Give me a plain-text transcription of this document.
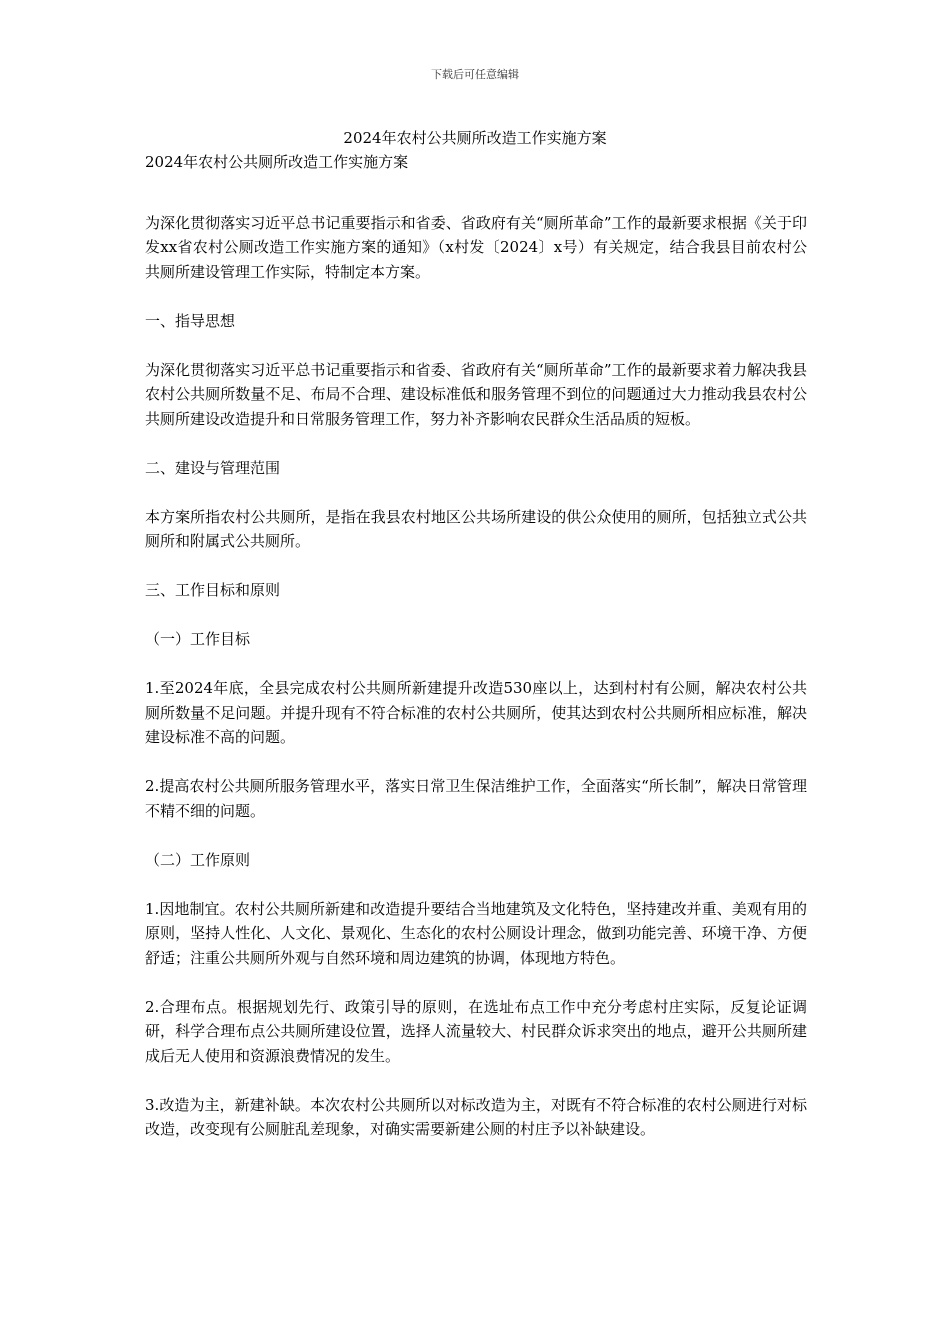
下载后可任意编辑
2024年农村公共厕所改造工作实施方案

2024年农村公共厕所改造工作实施方案

为深化贯彻落实习近平总书记重要指示和省委、省政府有关“厕所革命”工作的最新要求根据《关于印发xx省农村公厕改造工作实施方案的通知》（x村发〔2024〕x号）有关规定，结合我县目前农村公共厕所建设管理工作实际，特制定本方案。

一、指导思想

为深化贯彻落实习近平总书记重要指示和省委、省政府有关“厕所革命”工作的最新要求着力解决我县农村公共厕所数量不足、布局不合理、建设标准低和服务管理不到位的问题通过大力推动我县农村公共厕所建设改造提升和日常服务管理工作，努力补齐影响农民群众生活品质的短板。

二、建设与管理范围

本方案所指农村公共厕所，是指在我县农村地区公共场所建设的供公众使用的厕所，包括独立式公共厕所和附属式公共厕所。

三、工作目标和原则

（一）工作目标

1.至2024年底，全县完成农村公共厕所新建提升改造530座以上，达到村村有公厕，解决农村公共厕所数量不足问题。并提升现有不符合标准的农村公共厕所，使其达到农村公共厕所相应标准，解决建设标准不高的问题。

2.提高农村公共厕所服务管理水平，落实日常卫生保洁维护工作，全面落实“所长制”，解决日常管理不精不细的问题。

（二）工作原则

1.因地制宜。农村公共厕所新建和改造提升要结合当地建筑及文化特色，坚持建改并重、美观有用的原则，坚持人性化、人文化、景观化、生态化的农村公厕设计理念，做到功能完善、环境干净、方便舒适；注重公共厕所外观与自然环境和周边建筑的协调，体现地方特色。

2.合理布点。根据规划先行、政策引导的原则，在选址布点工作中充分考虑村庄实际，反复论证调研，科学合理布点公共厕所建设位置，选择人流量较大、村民群众诉求突出的地点，避开公共厕所建成后无人使用和资源浪费情况的发生。

3.改造为主，新建补缺。本次农村公共厕所以对标改造为主，对既有不符合标准的农村公厕进行对标改造，改变现有公厕脏乱差现象，对确实需要新建公厕的村庄予以补缺建设。
